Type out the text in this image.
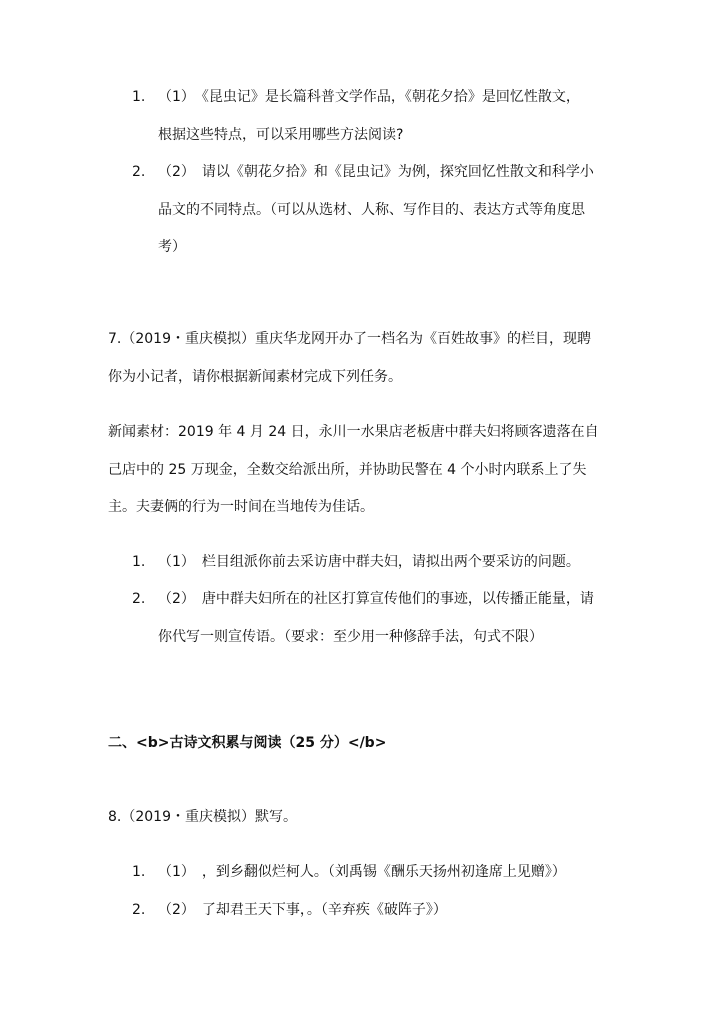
1. （1）　《昆虫记》是长篇科普文学作品，《朝花夕拾》是回忆性散文，
根据这些特点，可以采用哪些方法阅读?
2. （2）　请以《朝花夕拾》和《昆虫记》为例，探究回忆性散文和科学小
品文的不同特点。（可以从选材、人称、写作目的、表达方式等角度思
考）
7.（2019・重庆模拟）重庆华龙网开办了一档名为《百姓故事》的栏目，现聘
你为小记者，请你根据新闻素材完成下列任务。
新闻素材：2019 年 4 月 24 日，永川一水果店老板唐中群夫妇将顾客遗落在自
己店中的 25 万现金，全数交给派出所，并协助民警在 4 个小时内联系上了失
主。夫妻俩的行为一时间在当地传为佳话。
1. （1）　栏目组派你前去采访唐中群夫妇，请拟出两个要采访的问题。
2. （2）　唐中群夫妇所在的社区打算宣传他们的事迹，以传播正能量，请
你代写一则宣传语。（要求：至少用一种修辞手法，句式不限）
二、<b>古诗文积累与阅读（25 分）</b>
8.（2019・重庆模拟）默写。
1. （1）　，到乡翻似烂柯人。（刘禹锡《酬乐天扬州初逢席上见赠》）
2. （2）　了却君王天下事，。（辛弃疾《破阵子》）
